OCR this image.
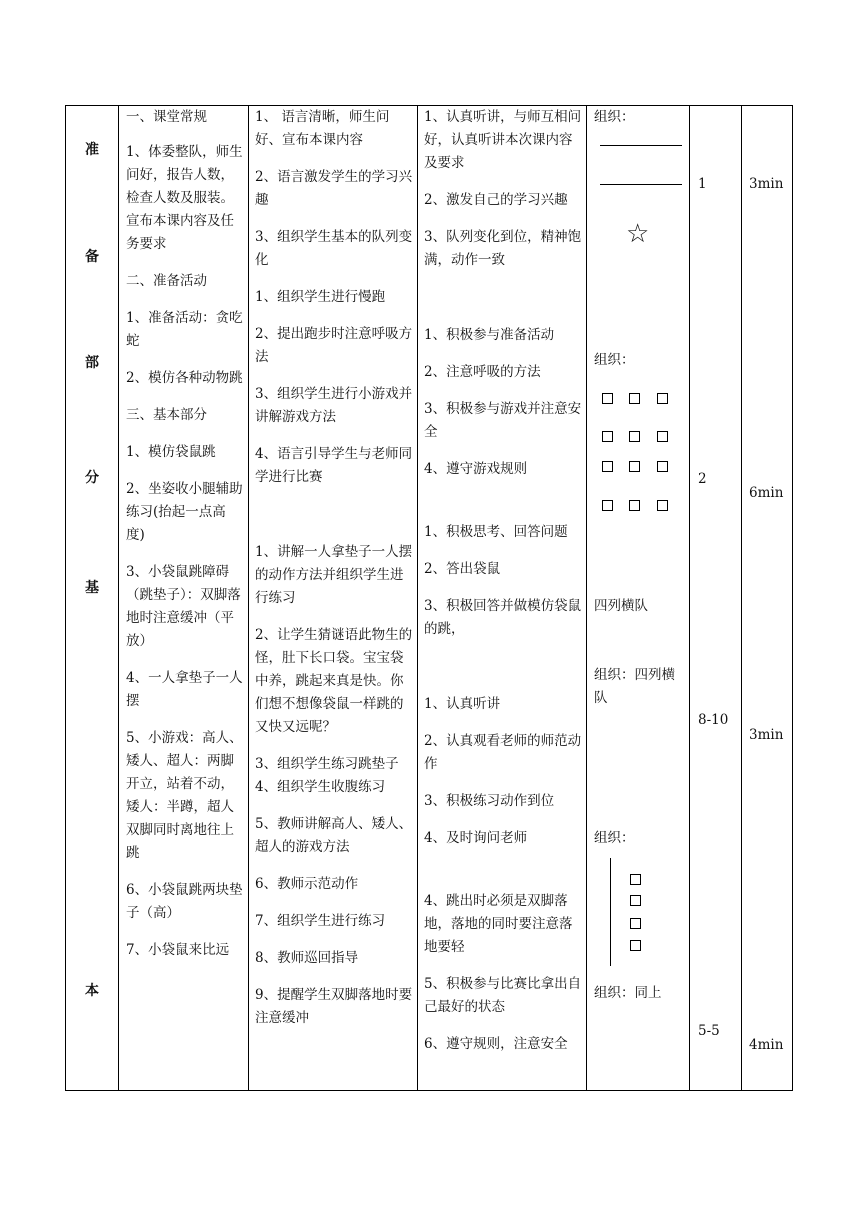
准
备
部
分
基
本

一、课堂常规

1、体委整队，师生问好，报告人数，检查人数及服装。宣布本课内容及任务要求

二、准备活动

1、准备活动：贪吃蛇

2、模仿各种动物跳

三、基本部分

1、模仿袋鼠跳

2、坐姿收小腿辅助练习(抬起一点高度)

3、小袋鼠跳障碍（跳垫子）：双脚落地时注意缓冲（平放）

4、一人拿垫子一人摆

5、小游戏：高人、矮人、超人：两脚开立，站着不动，矮人：半蹲，超人双脚同时离地往上跳

6、小袋鼠跳两块垫子（高）

7、小袋鼠来比远

1、 语言清晰，师生问好、宣布本课内容

2、语言激发学生的学习兴趣

3、组织学生基本的队列变化

1、组织学生进行慢跑

2、提出跑步时注意呼吸方法

3、组织学生进行小游戏并讲解游戏方法

4、语言引导学生与老师同学进行比赛

1、讲解一人拿垫子一人摆的动作方法并组织学生进行练习

2、让学生猜谜语此物生的怪，肚下长口袋。宝宝袋中养，跳起来真是快。你们想不想像袋鼠一样跳的又快又远呢？

3、组织学生练习跳垫子

4、组织学生收腹练习

5、教师讲解高人、矮人、超人的游戏方法

6、教师示范动作

7、组织学生进行练习

8、教师巡回指导

9、提醒学生双脚落地时要注意缓冲

1、认真听讲，与师互相问好，认真听讲本次课内容及要求

2、激发自己的学习兴趣

3、队列变化到位，精神饱满，动作一致

1、积极参与准备活动

2、注意呼吸的方法

3、积极参与游戏并注意安全

4、遵守游戏规则

1、积极思考、回答问题

2、答出袋鼠

3、积极回答并做模仿袋鼠的跳，

1、认真听讲

2、认真观看老师的师范动作

3、积极练习动作到位

4、及时询问老师

4、跳出时必须是双脚落地，落地的同时要注意落地要轻

5、积极参与比赛比拿出自己最好的状态

6、遵守规则，注意安全

组织：
☆
组织：
四列横队
组织：四列横队
组织：
组织：同上
1
2
8-10
5-5
3min
6min
3min
4min
